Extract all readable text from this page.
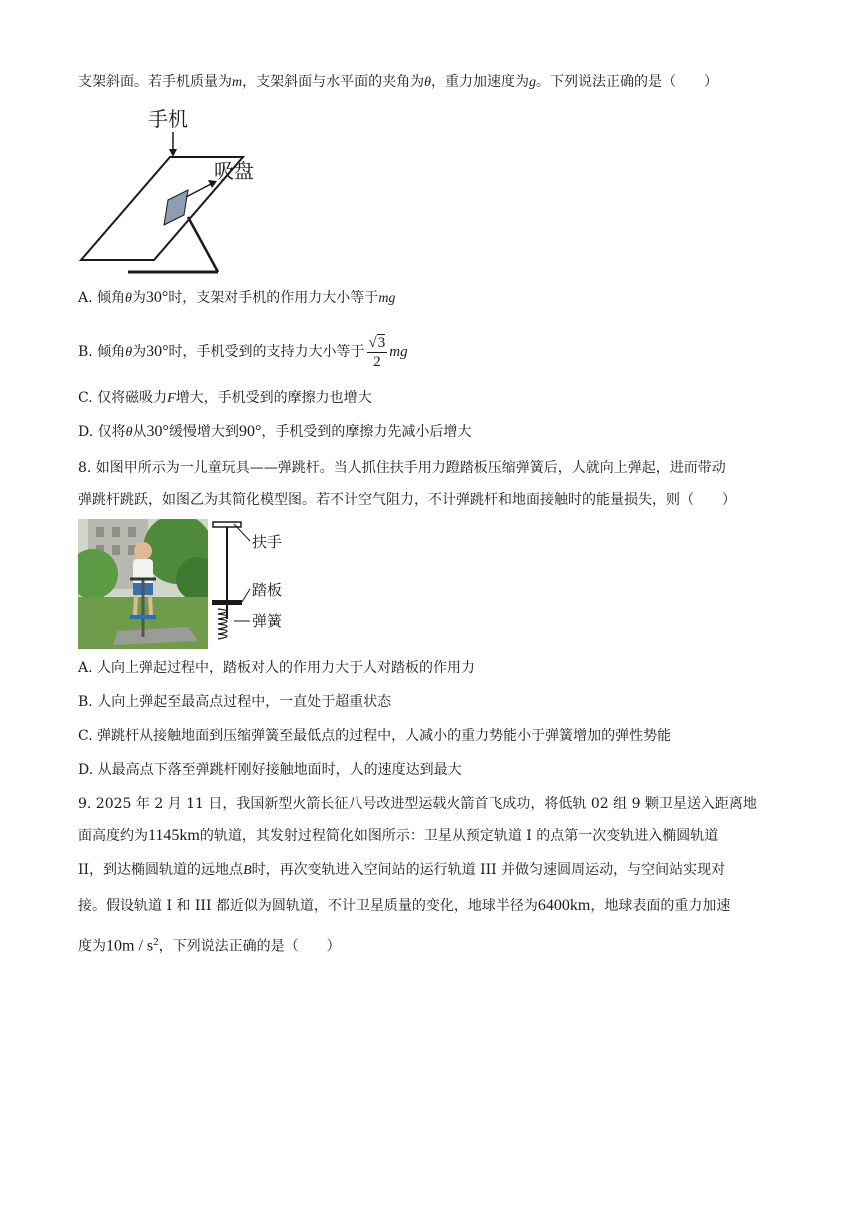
支架斜面。若手机质量为m，支架斜面与水平面的夹角为θ，重力加速度为g。下列说法正确的是（　　）
手机
吸盘
A. 倾角θ为30°时，支架对手机的作用力大小等于mg
B. 倾角θ为30°时，手机受到的支持力大小等于 $\frac{√3}{2}$ mg
C. 仅将磁吸力F增大，手机受到的摩擦力也增大
D. 仅将θ从30°缓慢增大到90°，手机受到的摩擦力先减小后增大
8. 如图甲所示为一儿童玩具——弹跳杆。当人抓住扶手用力蹬踏板压缩弹簧后，人就向上弹起，进而带动
弹跳杆跳跃，如图乙为其简化模型图。若不计空气阻力，不计弹跳杆和地面接触时的能量损失，则（　　）
扶手
踏板
弹簧
A. 人向上弹起过程中，踏板对人的作用力大于人对踏板的作用力
B. 人向上弹起至最高点过程中，一直处于超重状态
C. 弹跳杆从接触地面到压缩弹簧至最低点的过程中，人减小的重力势能小于弹簧增加的弹性势能
D. 从最高点下落至弹跳杆刚好接触地面时，人的速度达到最大
9. 2025 年 2 月 11 日，我国新型火箭长征八号改进型运载火箭首飞成功，将低轨 02 组 9 颗卫星送入距离地
面高度约为1145km的轨道，其发射过程简化如图所示：卫星从预定轨道 I 的点第一次变轨进入椭圆轨道
II，到达椭圆轨道的远地点B时，再次变轨进入空间站的运行轨道 III 并做匀速圆周运动，与空间站实现对
接。假设轨道 I 和 III 都近似为圆轨道，不计卫星质量的变化，地球半径为6400km，地球表面的重力加速
度为$10m / s^2$，下列说法正确的是（　　）
